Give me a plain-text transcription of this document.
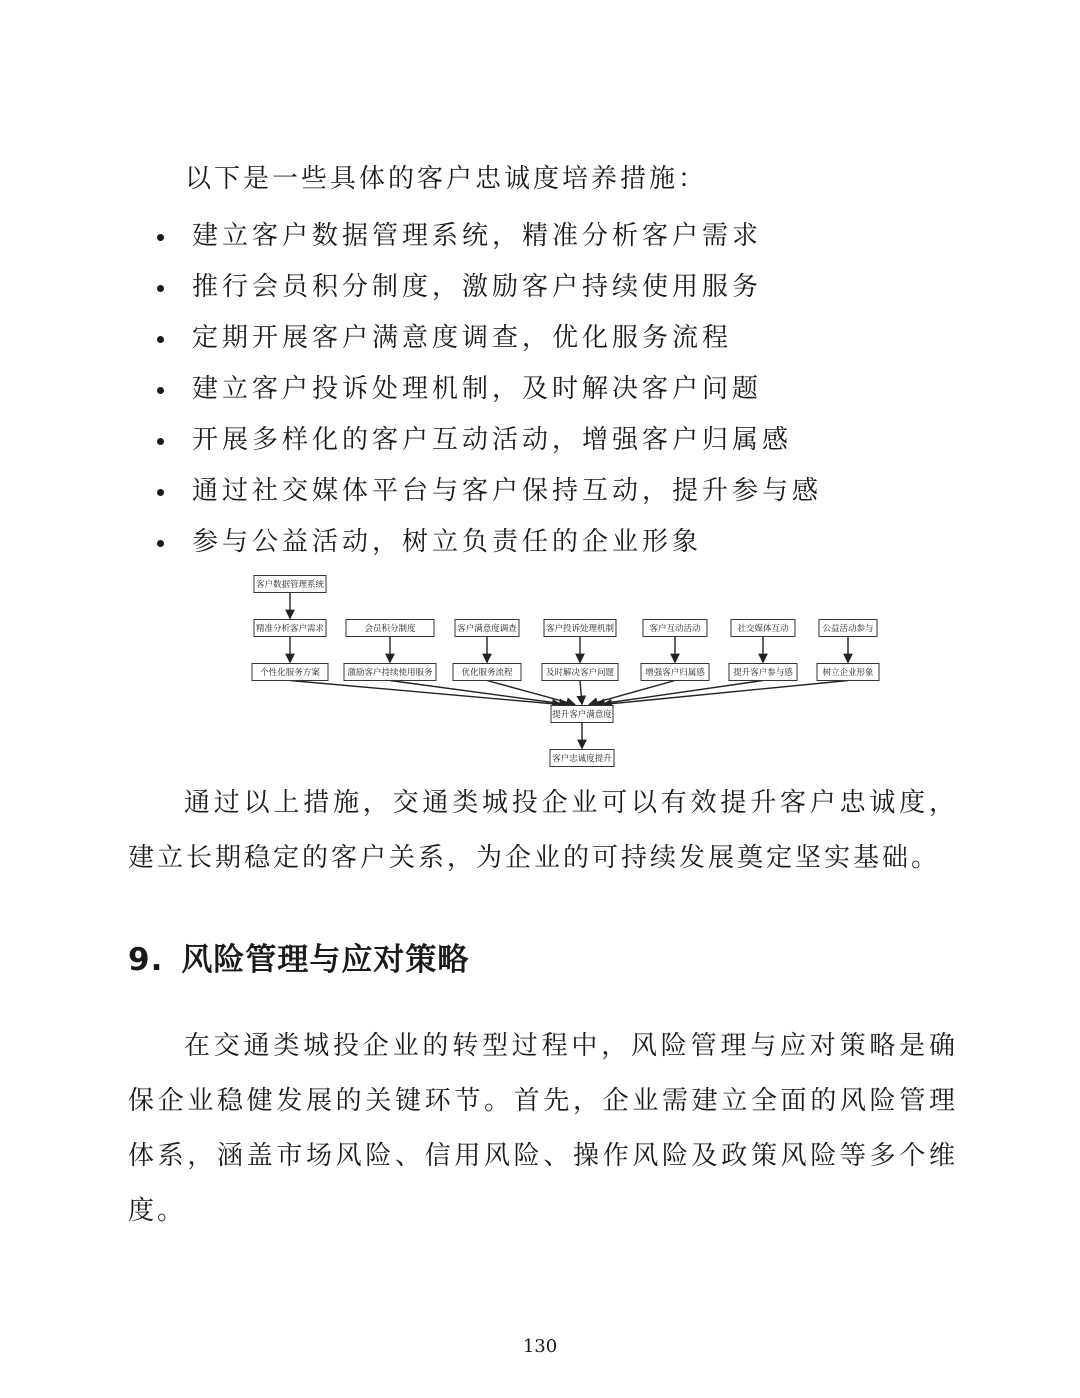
以下是一些具体的客户忠诚度培养措施：

建立客户数据管理系统，精准分析客户需求
推行会员积分制度，激励客户持续使用服务
定期开展客户满意度调查，优化服务流程
建立客户投诉处理机制，及时解决客户问题
开展多样化的客户互动活动，增强客户归属感
通过社交媒体平台与客户保持互动，提升参与感
参与公益活动，树立负责任的企业形象
客户数据管理系统
精准分析客户需求	会员积分制度	客户满意度调查	客户投诉处理机制	客户互动活动	社交媒体互动	公益活动参与
个性化服务方案	激励客户持续使用服务	优化服务流程	及时解决客户问题	增强客户归属感	提升客户参与感	树立企业形象
提升客户满意度
客户忠诚度提升

通过以上措施，交通类城投企业可以有效提升客户忠诚度，建立长期稳定的客户关系，为企业的可持续发展奠定坚实基础。

9. 风险管理与应对策略

在交通类城投企业的转型过程中，风险管理与应对策略是确保企业稳健发展的关键环节。首先，企业需建立全面的风险管理体系，涵盖市场风险、信用风险、操作风险及政策风险等多个维度。

130
